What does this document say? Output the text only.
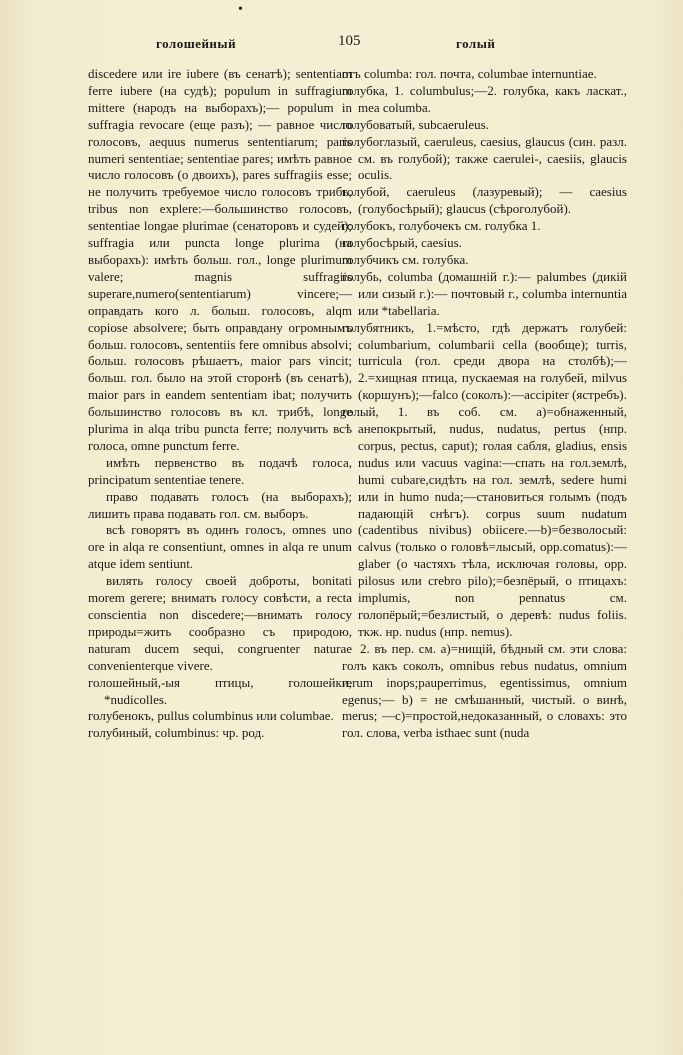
•
голошейный	105	голый

discedere или ire iubere (въ сенатѣ); sententiam ferre iubere (на судѣ); populum in suffragium mittere (народъ на выборахъ);— populum in suffragia revocare (еще разъ); — равное число голосовъ, aequus numerus sententiarum; paris numeri sententiae; sententiae pares; имѣть равное число голосовъ (о двоихъ), pares suffragiis esse; не получить требуемое число голосовъ трибъ, tribus non explere:—большинство голосовъ, sententiae longae plurimae (сенаторовъ и судей); suffragia или puncta longe plurima (на выборахъ): имѣть больш. гол., longe plurimum valere; magnis suffragiis superare,numero(sententiarum) vincere;—оправдать кого л. больш. голосовъ, alqm copiose absolvere; быть оправдану огромнымъ больш. голосовъ, sententiis fere omnibus absolvi; больш. голосовъ рѣшаетъ, maior pars vincit; больш. гол. было на этой сторонѣ (въ сенатѣ), maior pars in eandem sententiam ibat; получить большинство голосовъ въ кл. трибѣ, longe plurima in alqa tribu puncta ferre; получить всѣ голоса, omne punctum ferre.

имѣть первенство въ подачѣ голоса, principatum sententiae tenere.

право подавать голосъ (на выборахъ); лишить права подавать гол. см. выборъ.

всѣ говорятъ въ одинъ голосъ, omnes uno ore in alqa re consentiunt, omnes in alqa re unum atque idem sentiunt.

вилять голосу своей доброты, bonitati morem gerere; внимать голосу совѣсти, a recta conscientia non discedere;—внимать голосу природы=жить сообразно съ природою, naturam ducem sequi, congruenter naturae convenienterque vivere.

голошейный,-ыя птицы, голошейки, *nudicolles.

голубенокъ, pullus columbinus или columbae.

голубиный, columbinus: чр. род.

отъ columba: гол. почта, columbae internuntiae.

голубка, 1. columbulus;—2. голубка, какъ ласкат., mea columba.

голубоватый, subcaeruleus.

голубоглазый, caeruleus, caesius, glaucus (син. разл. см. въ голубой); также caerulei-, caesiis, glaucis oculis.

голубой, caeruleus (лазуревый); — caesius (голубосѣрый); glaucus (сѣроголубой).

голубокъ, голубочекъ см. голубка 1.

голубосѣрый, caesius.

голубчикъ см. голубка.

голубь, columba (домашній г.):— palumbes (дикій или сизый г.):— почтовый г., columba internuntia или *tabellaria.

голубятникъ, 1.=мѣсто, гдѣ держатъ голубей: columbarium, columbarii cella (вообще); turris, turricula (гол. среди двора на столбѣ);—2.=хищная птица, пускаемая на голубей, milvus (коршунъ);—falco (соколъ):—accipiter (ястребъ).

голый, 1. въ соб. см. а)=обнаженный, анепокрытый, nudus, nudatus, pertus (нпр. corpus, pectus, caput); голая сабля, gladius, ensis nudus или vacuus vagina:—спать на гол.землѣ, humi cubare,сидѣть на гол. землѣ, sedere humi или in humo nuda;—становиться голымъ (подъ падающій снѣгъ). corpus suum nudatum (cadentibus nivibus) obiicere.—b)=безволосый: calvus (только о головѣ=лысый, opp.comatus):—glaber (о частяхъ тѣла, исключая головы, opp. pilosus или crebro pilo);=безпёрый, о птицахъ: implumis, non pennatus см. голопёрый;=безлистый, о деревѣ: nudus foliis. ткж. нр. nudus (нпр. nemus).

2. въ пер. см. а)=нищій, бѣдный см. эти слова: голъ какъ соколъ, omnibus rebus nudatus, omnium rerum inops;pauperrimus, egentissimus, omnium egenus;— b) = не смѣшанный, чистый. о винѣ, merus; —c)=простой,недоказанный, о словахъ: это гол. слова, verba isthaec sunt (nuda
